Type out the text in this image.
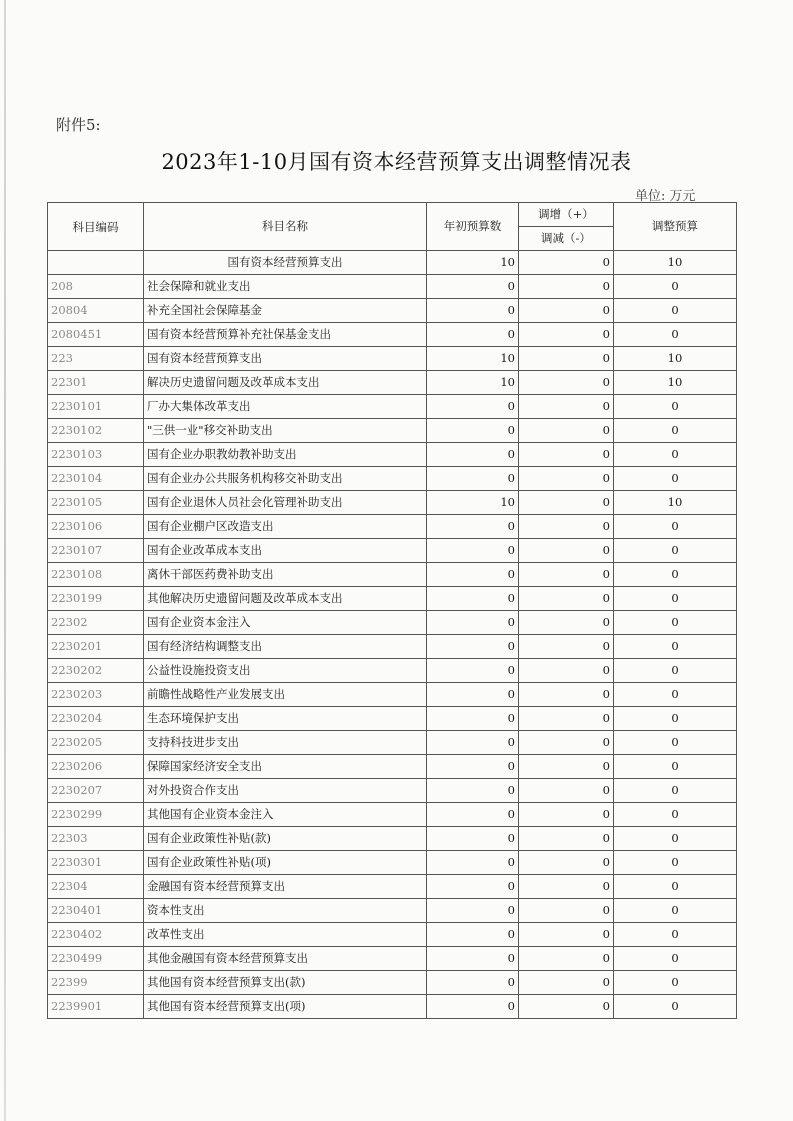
附件5:
2023年1-10月国有资本经营预算支出调整情况表
单位: 万元
科目编码	科目名称	年初预算数	调增（+）	调整预算
			调减（-）	
	国有资本经营预算支出	10	0	10
208	社会保障和就业支出	0	0	0
20804	补充全国社会保障基金	0	0	0
2080451	国有资本经营预算补充社保基金支出	0	0	0
223	国有资本经营预算支出	10	0	10
22301	解决历史遗留问题及改革成本支出	10	0	10
2230101	厂办大集体改革支出	0	0	0
2230102	"三供一业"移交补助支出	0	0	0
2230103	国有企业办职教幼教补助支出	0	0	0
2230104	国有企业办公共服务机构移交补助支出	0	0	0
2230105	国有企业退休人员社会化管理补助支出	10	0	10
2230106	国有企业棚户区改造支出	0	0	0
2230107	国有企业改革成本支出	0	0	0
2230108	离休干部医药费补助支出	0	0	0
2230199	其他解决历史遗留问题及改革成本支出	0	0	0
22302	国有企业资本金注入	0	0	0
2230201	国有经济结构调整支出	0	0	0
2230202	公益性设施投资支出	0	0	0
2230203	前瞻性战略性产业发展支出	0	0	0
2230204	生态环境保护支出	0	0	0
2230205	支持科技进步支出	0	0	0
2230206	保障国家经济安全支出	0	0	0
2230207	对外投资合作支出	0	0	0
2230299	其他国有企业资本金注入	0	0	0
22303	国有企业政策性补贴(款)	0	0	0
2230301	国有企业政策性补贴(项)	0	0	0
22304	金融国有资本经营预算支出	0	0	0
2230401	资本性支出	0	0	0
2230402	改革性支出	0	0	0
2230499	其他金融国有资本经营预算支出	0	0	0
22399	其他国有资本经营预算支出(款)	0	0	0
2239901	其他国有资本经营预算支出(项)	0	0	0
